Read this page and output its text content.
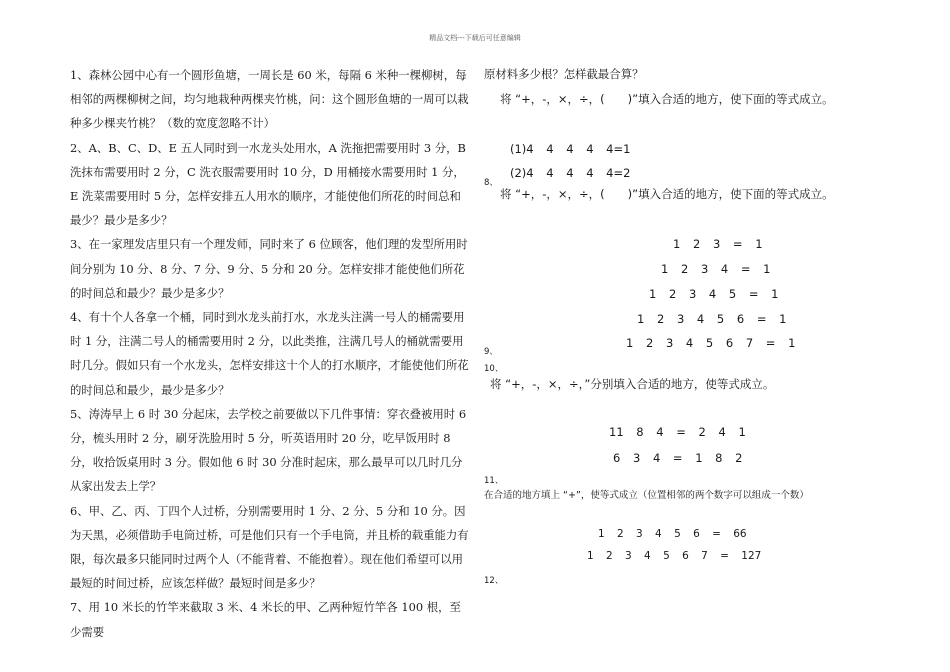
精品文档---下载后可任意编辑

1、森林公园中心有一个圆形鱼塘，一周长是 60 米，每隔 6 米种一棵柳树，每相邻的两棵柳树之间，均匀地栽种两棵夹竹桃，问：这个圆形鱼塘的一周可以栽种多少棵夹竹桃？（数的宽度忽略不计）

2、A、B、C、D、E 五人同时到一水龙头处用水，A 洗拖把需要用时 3 分，B 洗抹布需要用时 2 分，C 洗衣服需要用时 10 分，D 用桶接水需要用时 1 分，E 洗菜需要用时 5 分，怎样安排五人用水的顺序，才能使他们所花的时间总和最少？最少是多少？

3、在一家理发店里只有一个理发师，同时来了 6 位顾客，他们理的发型所用时间分别为 10 分、8 分、7 分、9 分、5 分和 20 分。怎样安排才能使他们所花的时间总和最少？最少是多少？

4、有十个人各拿一个桶，同时到水龙头前打水，水龙头注满一号人的桶需要用时 1 分，注满二号人的桶需要用时 2 分，以此类推，注满几号人的桶就需要用时几分。假如只有一个水龙头，怎样安排这十个人的打水顺序，才能使他们所花的时间总和最少，最少是多少？

5、涛涛早上 6 时 30 分起床，去学校之前要做以下几件事情：穿衣叠被用时 6 分，梳头用时 2 分，刷牙洗脸用时 5 分，听英语用时 20 分，吃早饭用时 8 分，收拾饭桌用时 3 分。假如他 6 时 30 分准时起床，那么最早可以几时几分从家出发去上学？

6、甲、乙、丙、丁四个人过桥，分别需要用时 1 分、2 分、5 分和 10 分。因为天黑，必须借助手电筒过桥，可是他们只有一个手电筒，并且桥的载重能力有限，每次最多只能同时过两个人（不能背着、不能抱着）。现在他们希望可以用最短的时间过桥，应该怎样做？最短时间是多少？

7、用 10 米长的竹竿来截取 3 米、4 米长的甲、乙两种短竹竿各 100 根，至少需要

原材料多少根？怎样截最合算？
将 “+，-，×，÷，(　　)”填入合适的地方，使下面的等式成立。
(1)4 4 4 4 4=1
(2)4 4 4 4 4=2
8、
将 “+，-，×，÷，(　　)”填入合适的地方，使下面的等式成立。
1 2 3 = 1
1 2 3 4 = 1
1 2 3 4 5 = 1
1 2 3 4 5 6 = 1
1 2 3 4 5 6 7 = 1
9、
10、
将 “+，-，×，÷，”分别填入合适的地方，使等式成立。
11 8 4 = 2 4 1
6 3 4 = 1 8 2
11、
在合适的地方填上 “+”，使等式成立（位置相邻的两个数字可以组成一个数）
1 2 3 4 5 6 = 66
1 2 3 4 5 6 7 = 127
12、
